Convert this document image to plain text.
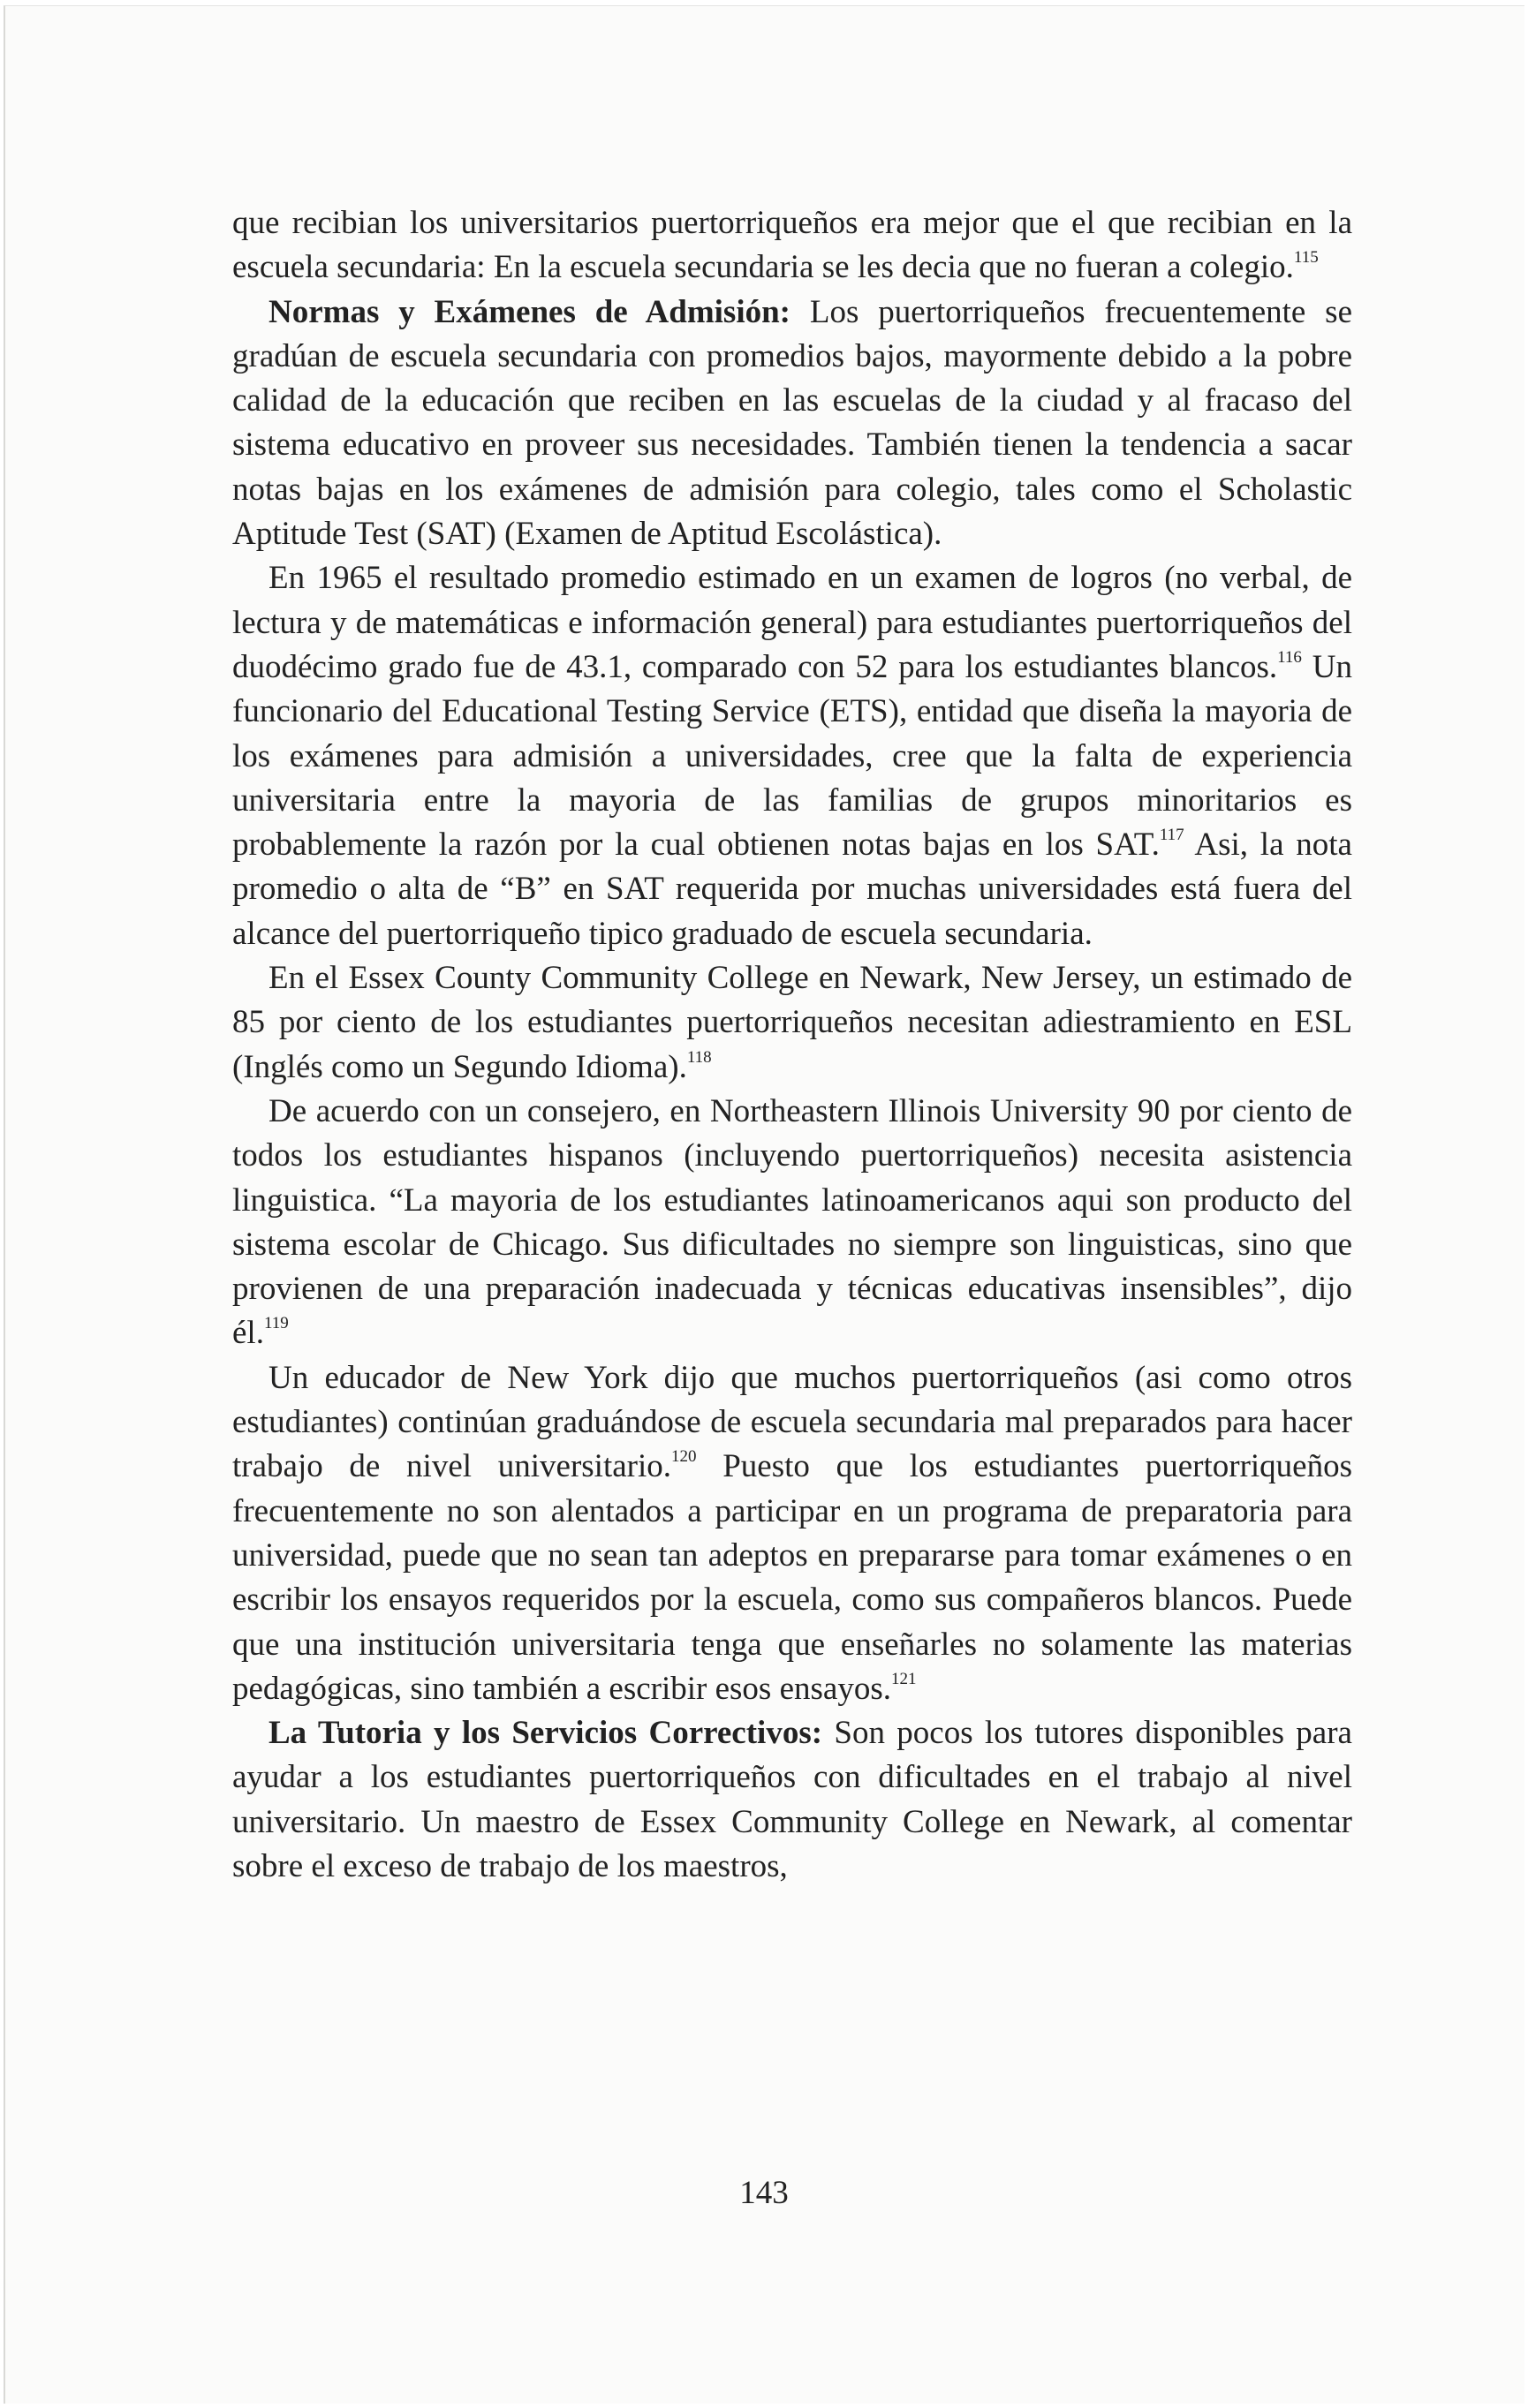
que recibian los universitarios puertorriqueños era mejor que el que recibian en la escuela secundaria: En la escuela secundaria se les decia que no fueran a colegio.$^{115}$

Normas y Exámenes de Admisión: Los puertorriqueños frecuentemente se gradúan de escuela secundaria con promedios bajos, mayormente debido a la pobre calidad de la educación que reciben en las escuelas de la ciudad y al fracaso del sistema educativo en proveer sus necesidades. También tienen la tendencia a sacar notas bajas en los exámenes de admisión para colegio, tales como el Scholastic Aptitude Test (SAT) (Examen de Aptitud Escolástica).

En 1965 el resultado promedio estimado en un examen de logros (no verbal, de lectura y de matemáticas e información general) para estudiantes puertorriqueños del duodécimo grado fue de 43.1, comparado con 52 para los estudiantes blancos.$^{116}$ Un funcionario del Educational Testing Service (ETS), entidad que diseña la mayoria de los exámenes para admisión a universidades, cree que la falta de experiencia universitaria entre la mayoria de las familias de grupos minoritarios es probablemente la razón por la cual obtienen notas bajas en los SAT.$^{117}$ Asi, la nota promedio o alta de “B” en SAT requerida por muchas universidades está fuera del alcance del puertorriqueño tipico graduado de escuela secundaria.

En el Essex County Community College en Newark, New Jersey, un estimado de 85 por ciento de los estudiantes puertorriqueños necesitan adiestramiento en ESL (Inglés como un Segundo Idioma).$^{118}$

De acuerdo con un consejero, en Northeastern Illinois University 90 por ciento de todos los estudiantes hispanos (incluyendo puertorriqueños) necesita asistencia linguistica. “La mayoria de los estudiantes latinoamericanos aqui son producto del sistema escolar de Chicago. Sus dificultades no siempre son linguisticas, sino que provienen de una preparación inadecuada y técnicas educativas insensibles”, dijo él.$^{119}$

Un educador de New York dijo que muchos puertorriqueños (asi como otros estudiantes) continúan graduándose de escuela secundaria mal preparados para hacer trabajo de nivel universitario.$^{120}$ Puesto que los estudiantes puertorriqueños frecuentemente no son alentados a participar en un programa de preparatoria para universidad, puede que no sean tan adeptos en prepararse para tomar exámenes o en escribir los ensayos requeridos por la escuela, como sus compañeros blancos. Puede que una institución universitaria tenga que enseñarles no solamente las materias pedagógicas, sino también a escribir esos ensayos.$^{121}$

La Tutoria y los Servicios Correctivos: Son pocos los tutores disponibles para ayudar a los estudiantes puertorriqueños con dificultades en el trabajo al nivel universitario. Un maestro de Essex Community College en Newark, al comentar sobre el exceso de trabajo de los maestros,

143
